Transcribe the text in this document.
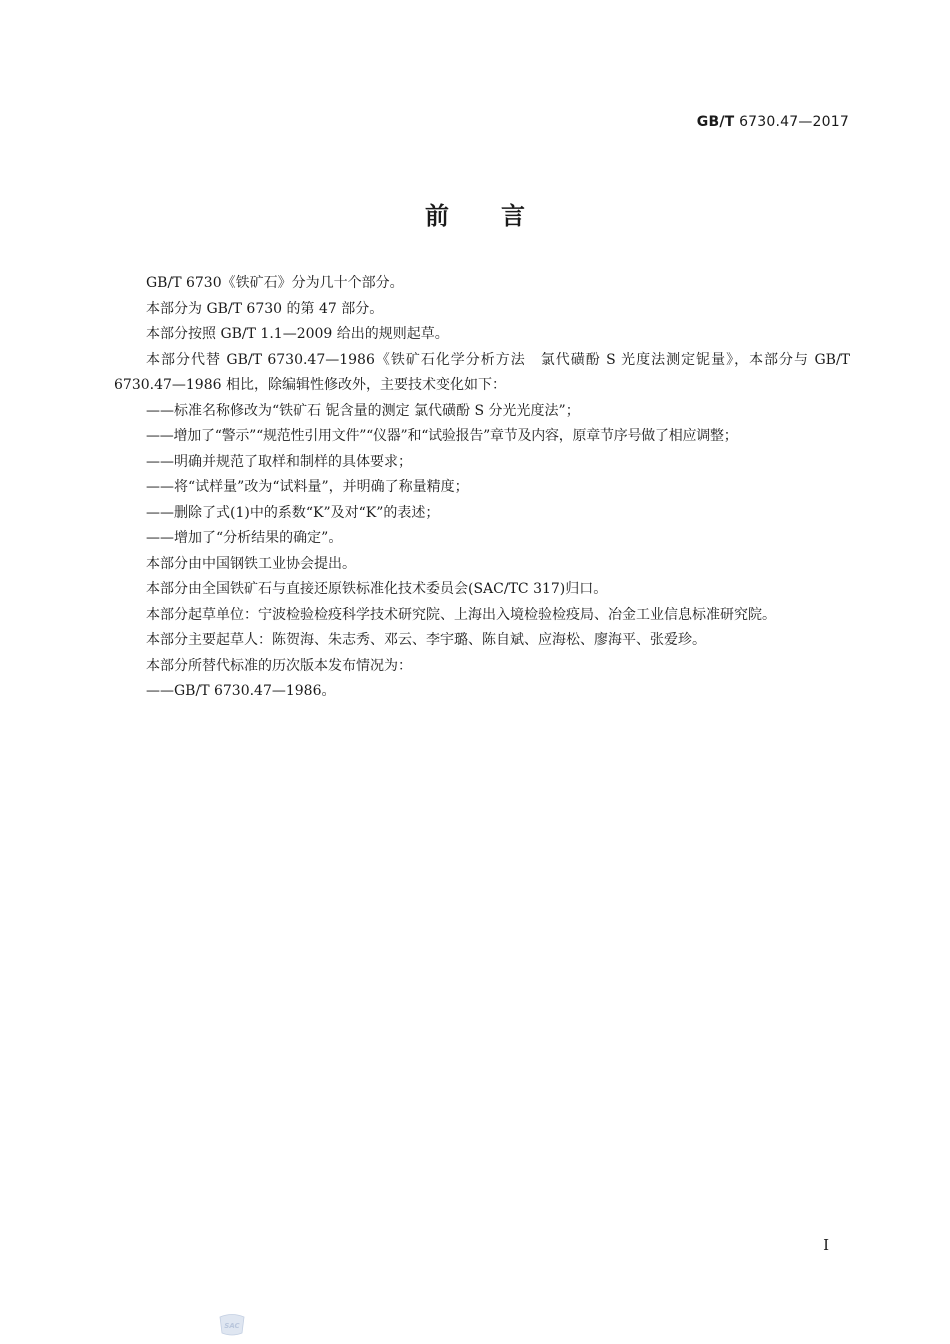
GB/T 6730.47—2017
前言

GB/T 6730《铁矿石》分为几十个部分。

本部分为 GB/T 6730 的第 47 部分。

本部分按照 GB/T 1.1—2009 给出的规则起草。

本部分代替 GB/T 6730.47—1986《铁矿石化学分析方法　氯代磺酚 S 光度法测定铌量》，本部分与 GB/T 6730.47—1986 相比，除编辑性修改外，主要技术变化如下：

——标准名称修改为“铁矿石 铌含量的测定 氯代磺酚 S 分光光度法”；

——增加了“警示”“规范性引用文件”“仪器”和“试验报告”章节及内容，原章节序号做了相应调整；

——明确并规范了取样和制样的具体要求；

——将“试样量”改为“试料量”，并明确了称量精度；

——删除了式(1)中的系数“K”及对“K”的表述；

——增加了“分析结果的确定”。

本部分由中国钢铁工业协会提出。

本部分由全国铁矿石与直接还原铁标准化技术委员会(SAC/TC 317)归口。

本部分起草单位：宁波检验检疫科学技术研究院、上海出入境检验检疫局、冶金工业信息标准研究院。

本部分主要起草人：陈贺海、朱志秀、邓云、李宇璐、陈自斌、应海松、廖海平、张爱珍。

本部分所替代标准的历次版本发布情况为：

——GB/T 6730.47—1986。

I
SAC
